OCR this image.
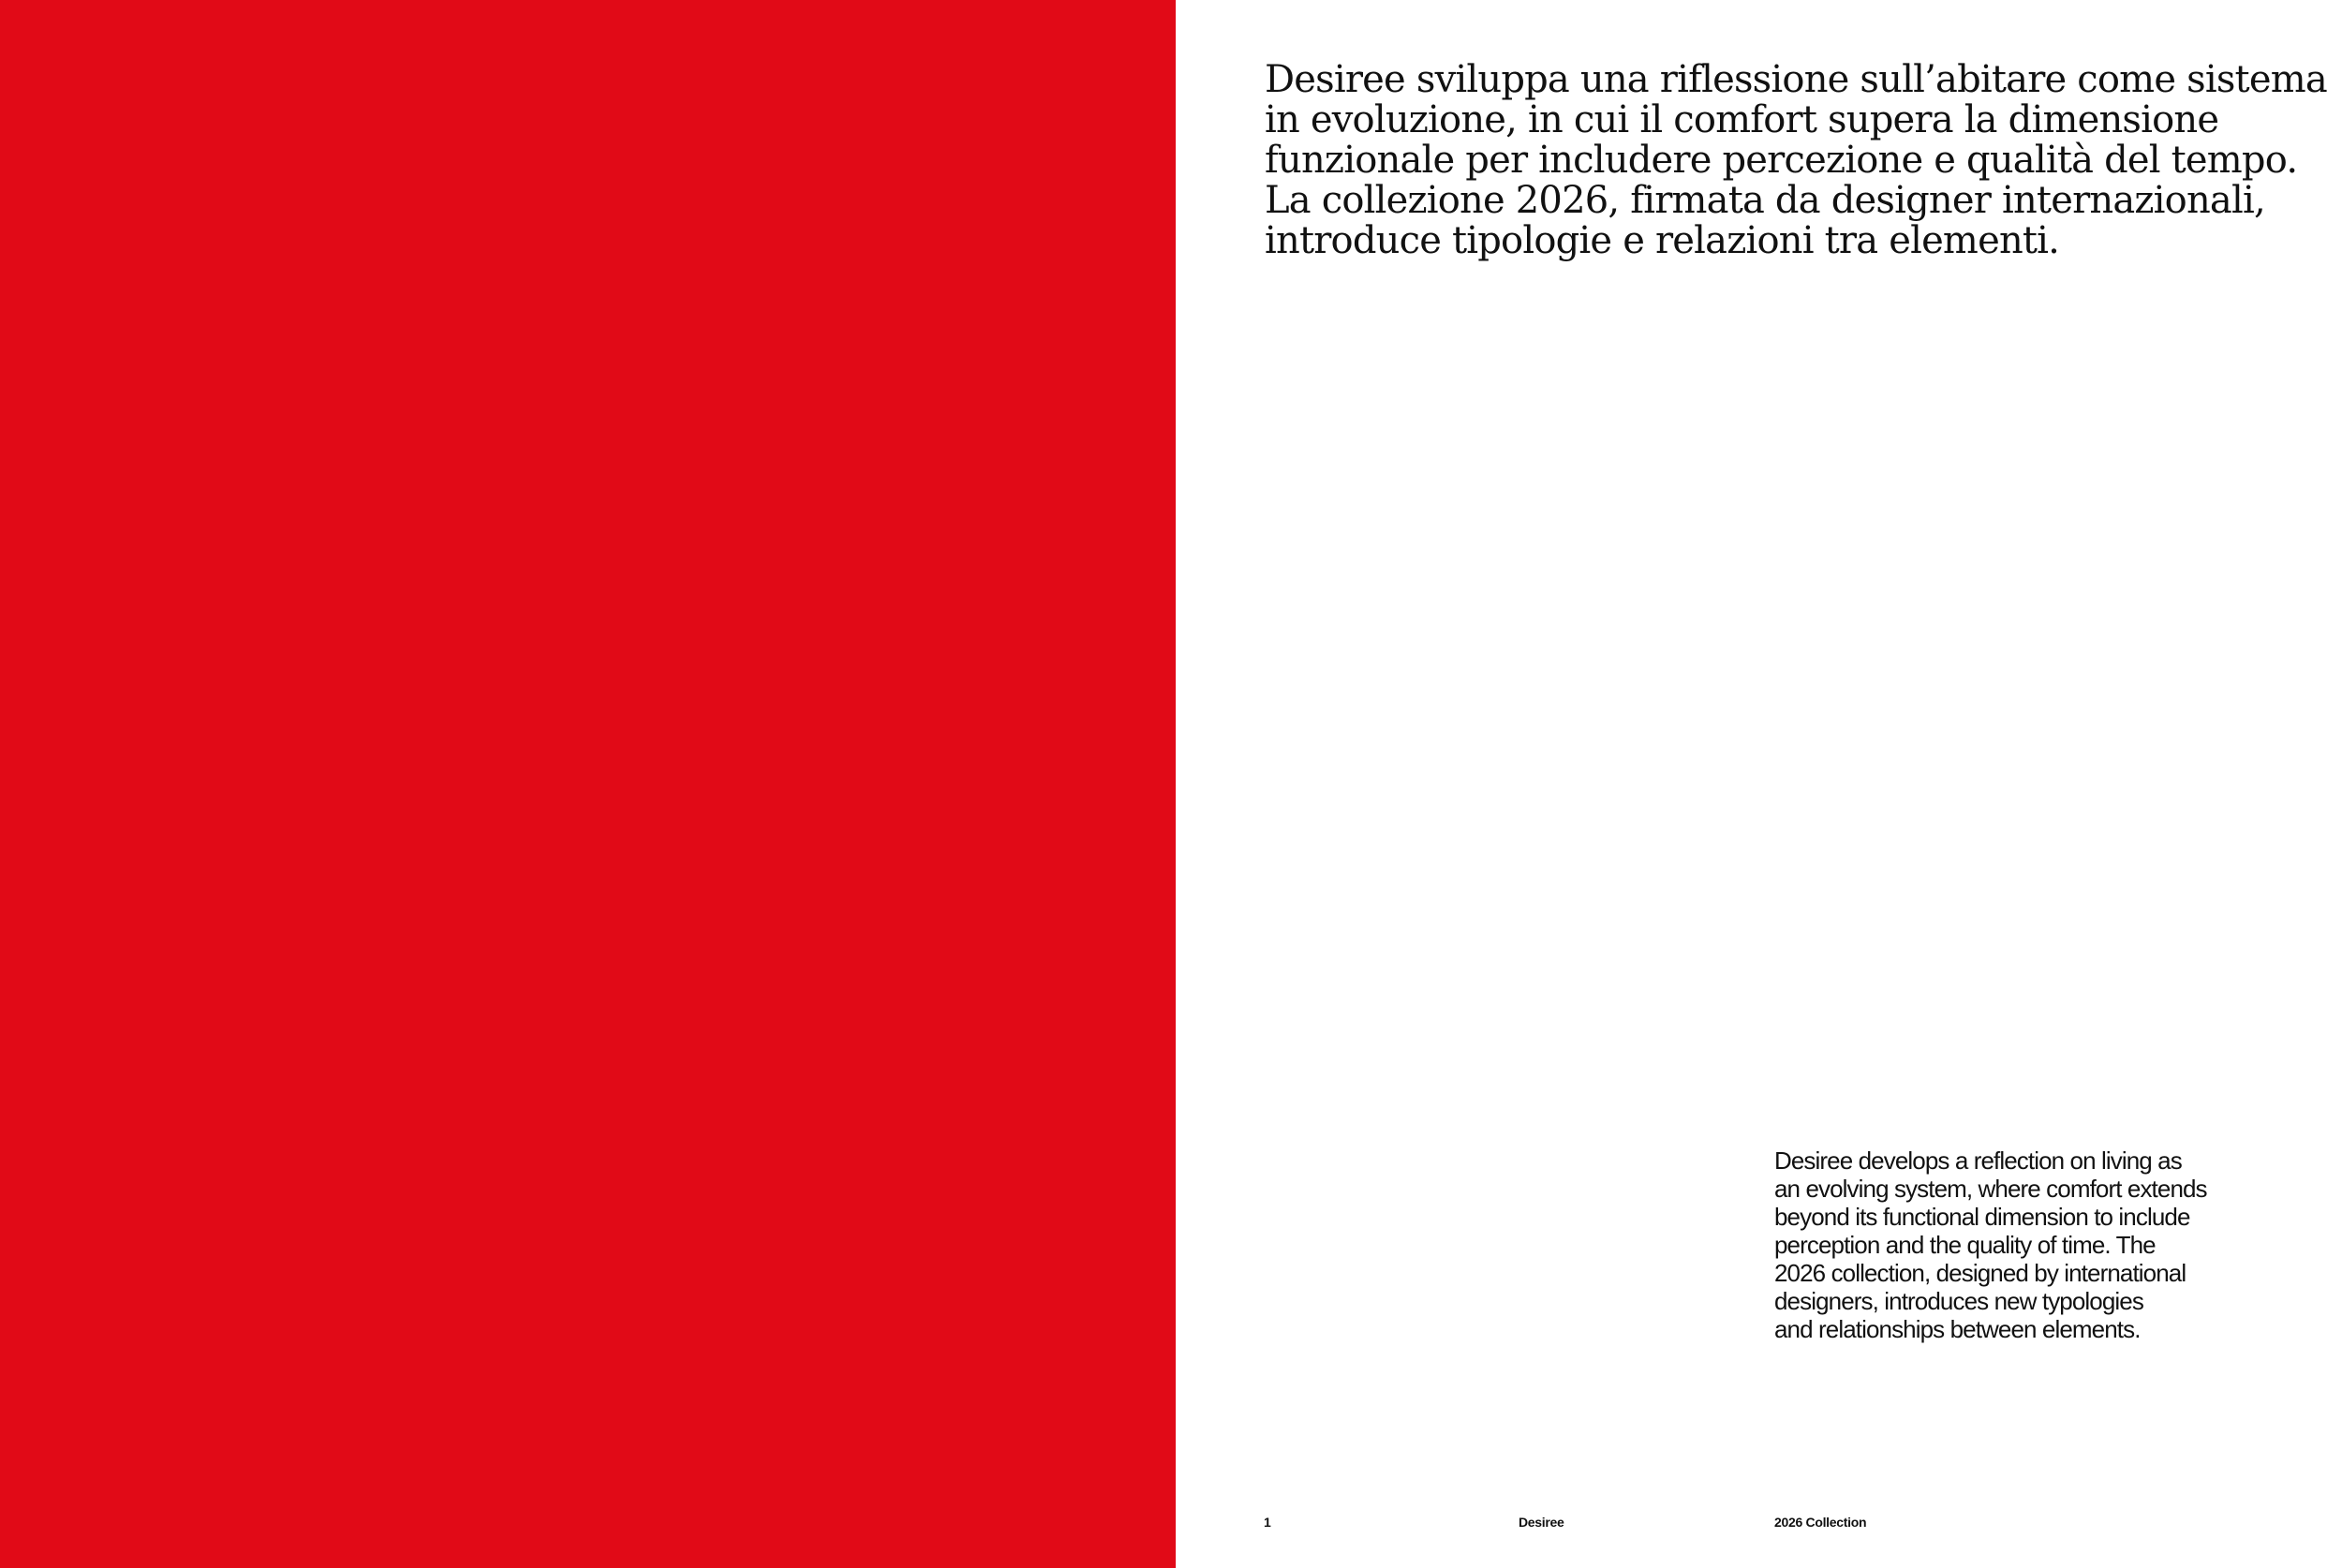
Desiree sviluppa una riflessione sull’abitare come sistema
in evoluzione, in cui il comfort supera la dimensione
funzionale per includere percezione e qualità del tempo.
La collezione 2026, firmata da designer internazionali,
introduce tipologie e relazioni tra elementi.

Desiree develops a reflection on living as
an evolving system, where comfort extends
beyond its functional dimension to include
perception and the quality of time. The
2026 collection, designed by international
designers, introduces new typologies
and relationships between elements.

1	Desiree	2026 Collection
